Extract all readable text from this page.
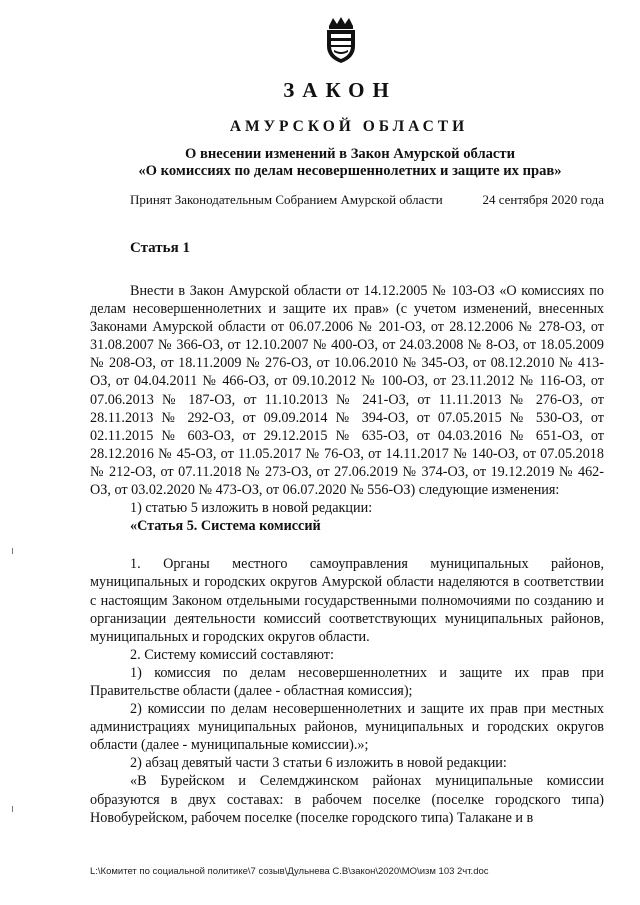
ЗАКОН
АМУРСКОЙ ОБЛАСТИ
О внесении изменений в Закон Амурской области
«О комиссиях по делам несовершеннолетних и защите их прав»
Принят Законодательным Собранием Амурской области	24 сентября 2020 года
Статья 1

Внести в Закон Амурской области от 14.12.2005 № 103-ОЗ «О комиссиях по делам несовершеннолетних и защите их прав» (с учетом изменений, внесенных Законами Амурской области от 06.07.2006 № 201-ОЗ, от 28.12.2006 № 278-ОЗ, от 31.08.2007 № 366-ОЗ, от 12.10.2007 № 400-ОЗ, от 24.03.2008 № 8-ОЗ, от 18.05.2009 № 208-ОЗ, от 18.11.2009 № 276-ОЗ, от 10.06.2010 № 345-ОЗ, от 08.12.2010 № 413-ОЗ, от 04.04.2011 № 466-ОЗ, от 09.10.2012 № 100-ОЗ, от 23.11.2012 № 116-ОЗ, от 07.06.2013 № 187-ОЗ, от 11.10.2013 № 241-ОЗ, от 11.11.2013 № 276-ОЗ, от 28.11.2013 № 292-ОЗ, от 09.09.2014 № 394-ОЗ, от 07.05.2015 № 530-ОЗ, от 02.11.2015 № 603-ОЗ, от 29.12.2015 № 635-ОЗ, от 04.03.2016 № 651-ОЗ, от 28.12.2016 № 45-ОЗ, от 11.05.2017 № 76-ОЗ, от 14.11.2017 № 140-ОЗ, от 07.05.2018 № 212-ОЗ, от 07.11.2018 № 273-ОЗ, от 27.06.2019 № 374-ОЗ, от 19.12.2019 № 462-ОЗ, от 03.02.2020 № 473-ОЗ, от 06.07.2020 № 556-ОЗ) следующие изменения:

1) статью 5 изложить в новой редакции:

«Статья 5. Система комиссий

1. Органы местного самоуправления муниципальных районов, муниципальных и городских округов Амурской области наделяются в соответствии с настоящим Законом отдельными государственными полномочиями по созданию и организации деятельности комиссий соответствующих муниципальных районов, муниципальных и городских округов области.

2. Систему комиссий составляют:

1) комиссия по делам несовершеннолетних и защите их прав при Правительстве области (далее - областная комиссия);

2) комиссии по делам несовершеннолетних и защите их прав при местных администрациях муниципальных районов, муниципальных и городских округов области (далее - муниципальные комиссии).»;

2) абзац девятый части 3 статьи 6 изложить в новой редакции:

«В Бурейском и Селемджинском районах муниципальные комиссии образуются в двух составах: в рабочем поселке (поселке городского типа) Новобурейском, рабочем поселке (поселке городского типа) Талакане и в

L:\Комитет по социальной политике\7 созыв\Дульнева С.В\закон\2020\МО\изм 103 2чт.doc
